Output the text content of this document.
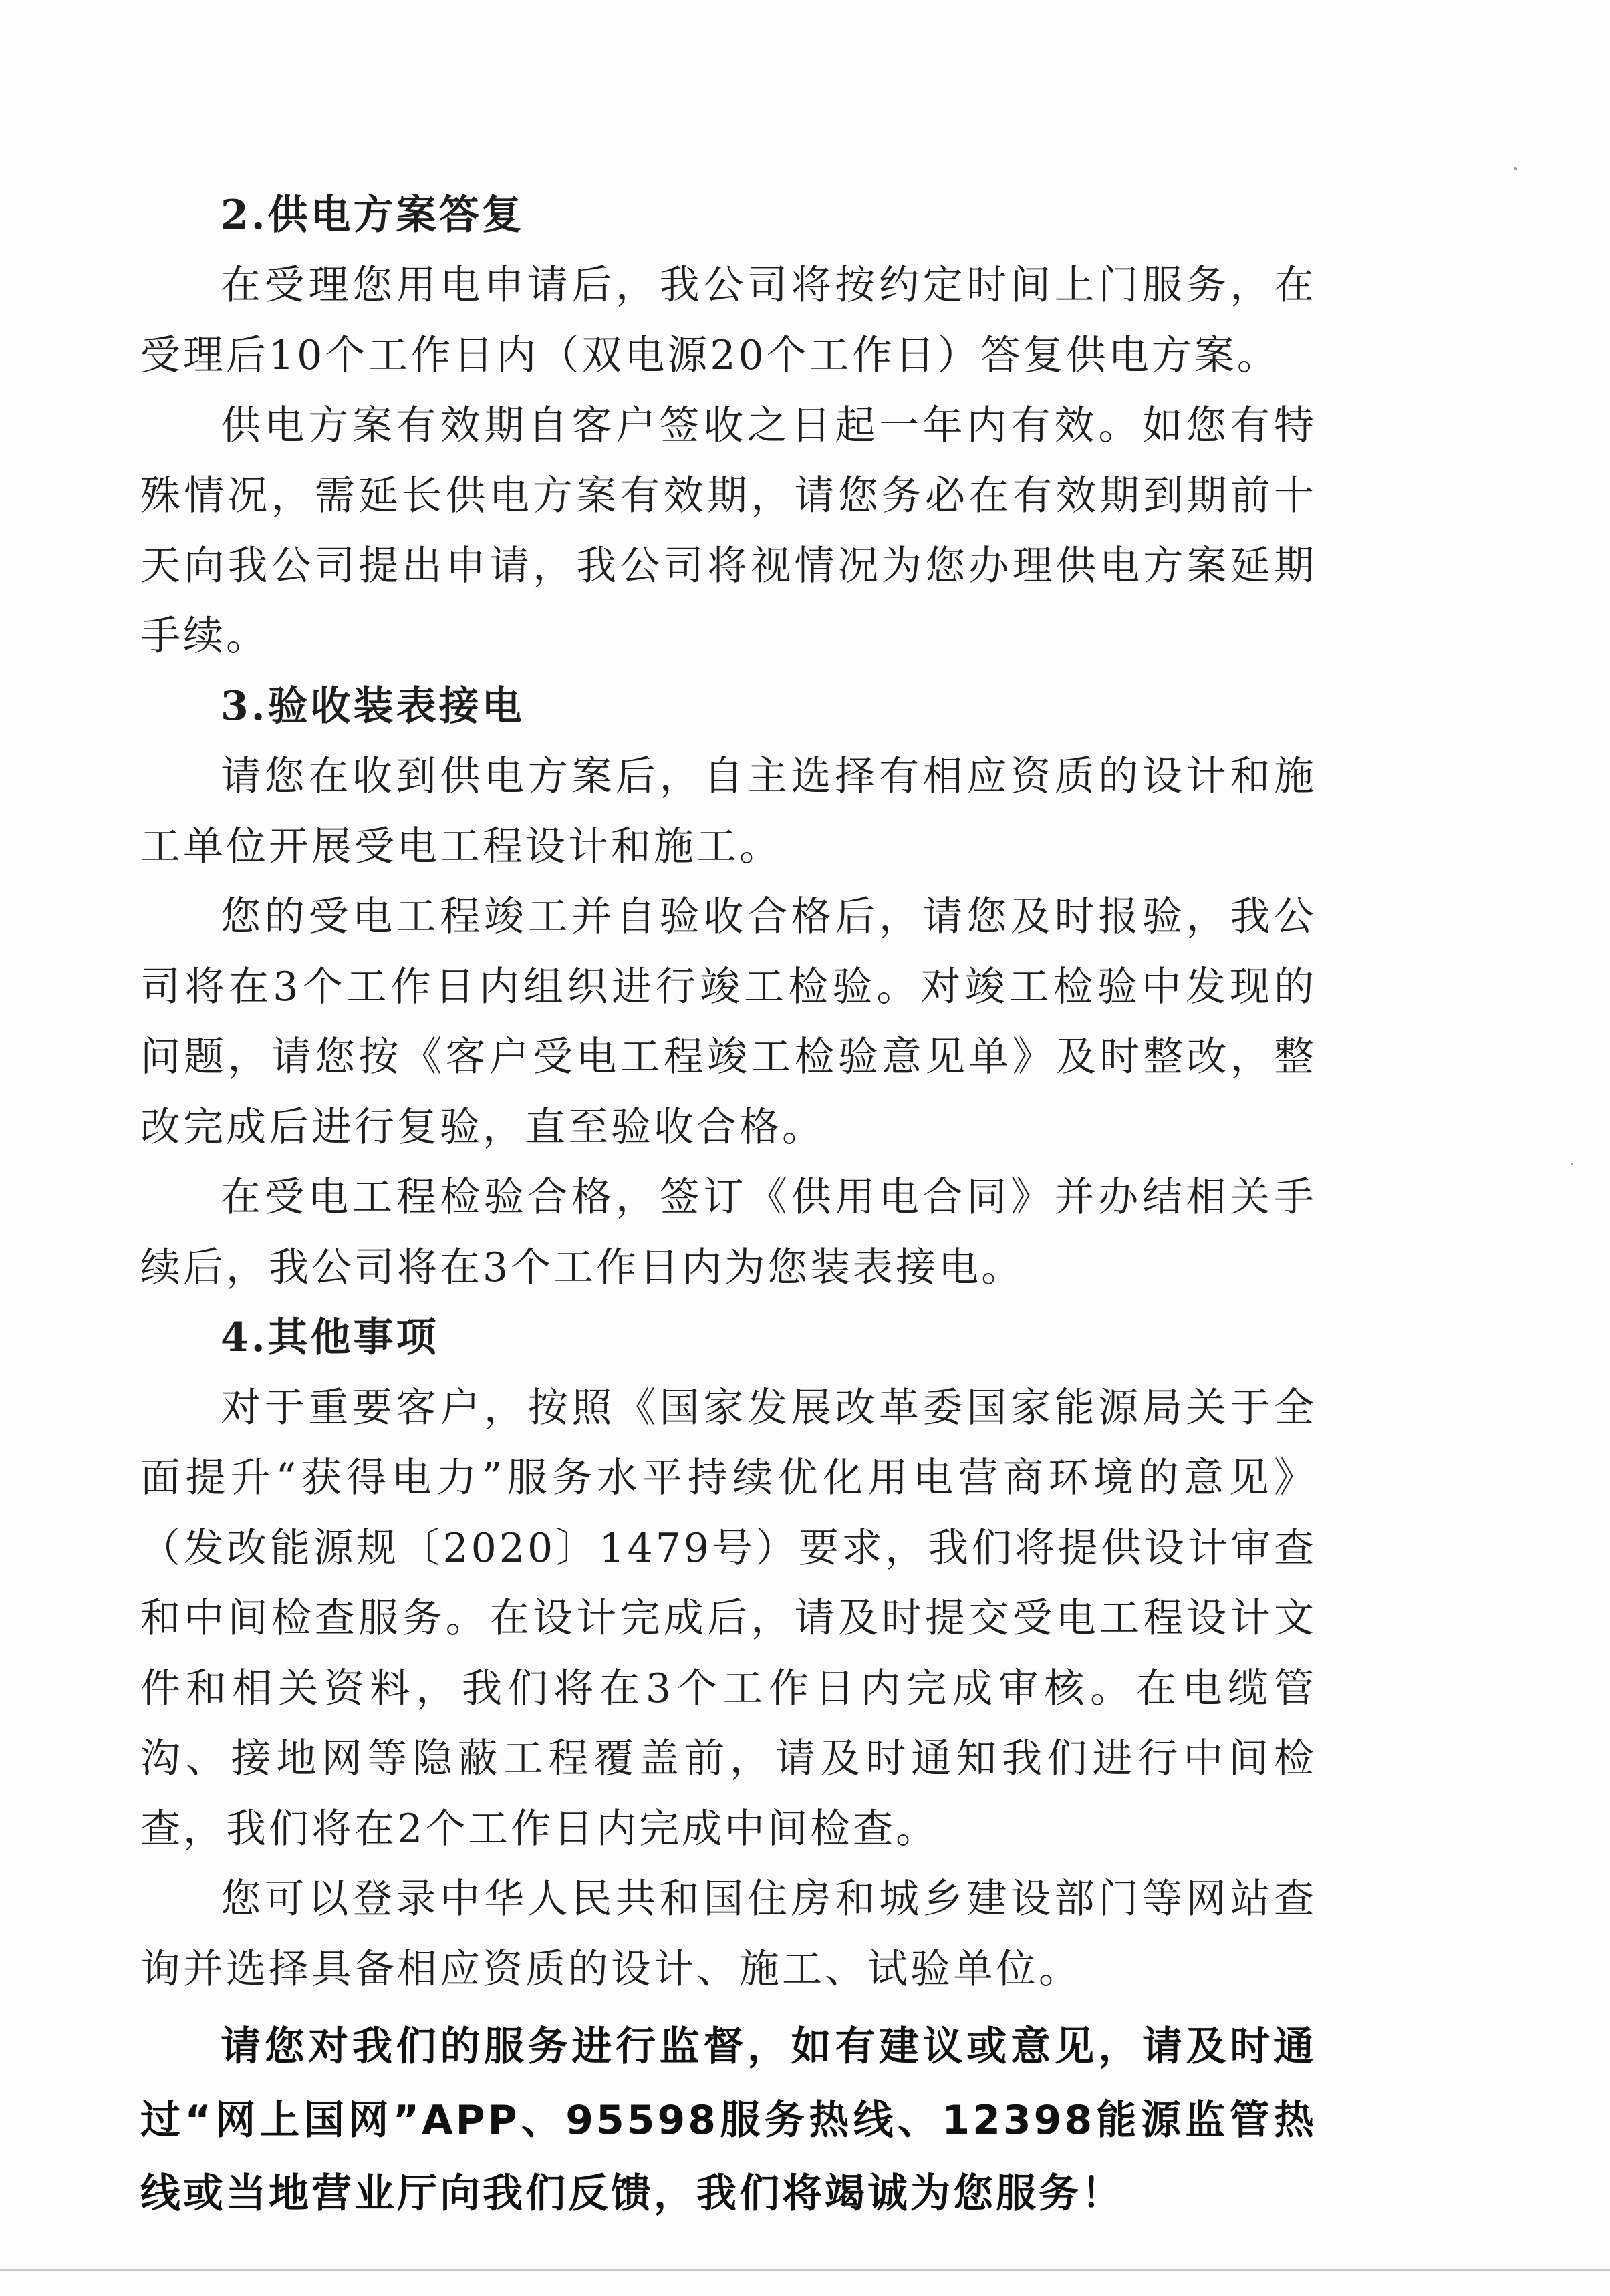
2.供电方案答复

在受理您用电申请后，我公司将按约定时间上门服务，在受理后10个工作日内（双电源20个工作日）答复供电方案。

供电方案有效期自客户签收之日起一年内有效。如您有特殊情况，需延长供电方案有效期，请您务必在有效期到期前十天向我公司提出申请，我公司将视情况为您办理供电方案延期手续。

3.验收装表接电

请您在收到供电方案后，自主选择有相应资质的设计和施工单位开展受电工程设计和施工。

您的受电工程竣工并自验收合格后，请您及时报验，我公司将在3个工作日内组织进行竣工检验。对竣工检验中发现的问题，请您按《客户受电工程竣工检验意见单》及时整改，整改完成后进行复验，直至验收合格。

在受电工程检验合格，签订《供用电合同》并办结相关手续后，我公司将在3个工作日内为您装表接电。

4.其他事项

对于重要客户，按照《国家发展改革委国家能源局关于全面提升“获得电力”服务水平持续优化用电营商环境的意见》（发改能源规〔2020〕1479号）要求，我们将提供设计审查和中间检查服务。在设计完成后，请及时提交受电工程设计文件和相关资料，我们将在3个工作日内完成审核。在电缆管沟、接地网等隐蔽工程覆盖前，请及时通知我们进行中间检查，我们将在2个工作日内完成中间检查。

您可以登录中华人民共和国住房和城乡建设部门等网站查询并选择具备相应资质的设计、施工、试验单位。

请您对我们的服务进行监督，如有建议或意见，请及时通过“网上国网”APP、95598服务热线、12398能源监管热线或当地营业厅向我们反馈，我们将竭诚为您服务！
